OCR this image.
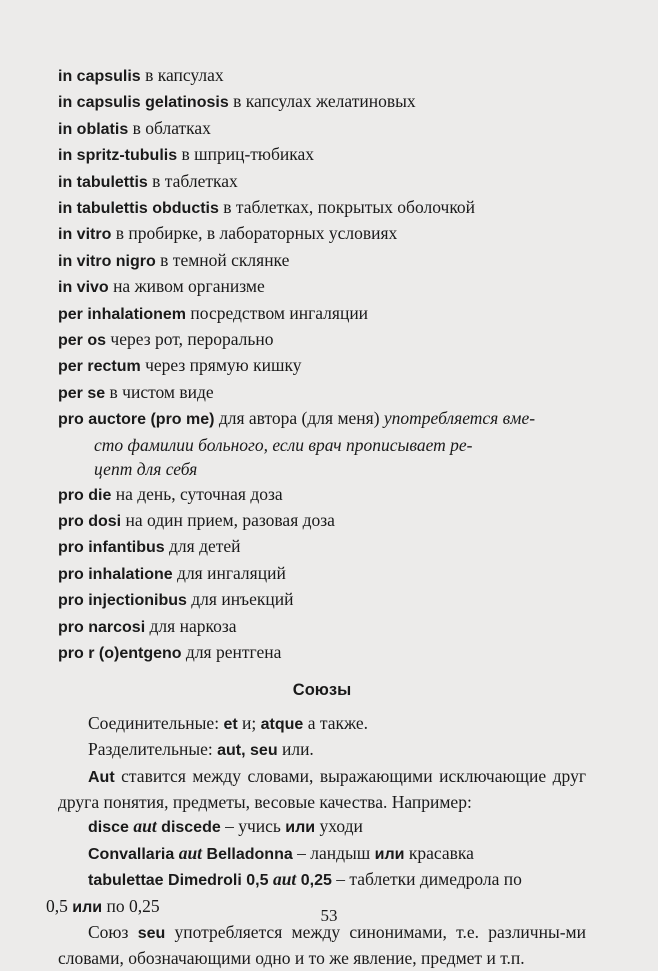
in capsulis в капсулах
in capsulis gelatinosis в капсулах желатиновых
in oblatis в облатках
in spritz-tubulis в шприц-тюбиках
in tabulettis в таблетках
in tabulettis obductis в таблетках, покрытых оболочкой
in vitro в пробирке, в лабораторных условиях
in vitro nigro в темной склянке
in vivo на живом организме
per inhalationem посредством ингаляции
per os через рот, перорально
per rectum через прямую кишку
per se в чистом виде
pro auctore (pro me) для автора (для меня) употребляется вме-
сто фамилии больного, если врач прописывает ре-
цепт для себя
pro die на день, суточная доза
pro dosi на один прием, разовая доза
pro infantibus для детей
pro inhalatione для ингаляций
pro injectionibus для инъекций
pro narcosi для наркоза
pro r (o)entgeno для рентгена
Союзы
Соединительные: et и; atque а также.
Разделительные: aut, seu или.
Aut ставится между словами, выражающими исключающие друг друга понятия, предметы, весовые качества. Например:
disce aut discede – учись или уходи
Convallaria aut Belladonna – ландыш или красавка
tabulettae Dimedroli 0,5 aut 0,25 – таблетки димедрола по
0,5 или по 0,25
Союз seu употребляется между синонимами, т.е. различны-ми словами, обозначающими одно и то же явление, предмет и т.п.
53
